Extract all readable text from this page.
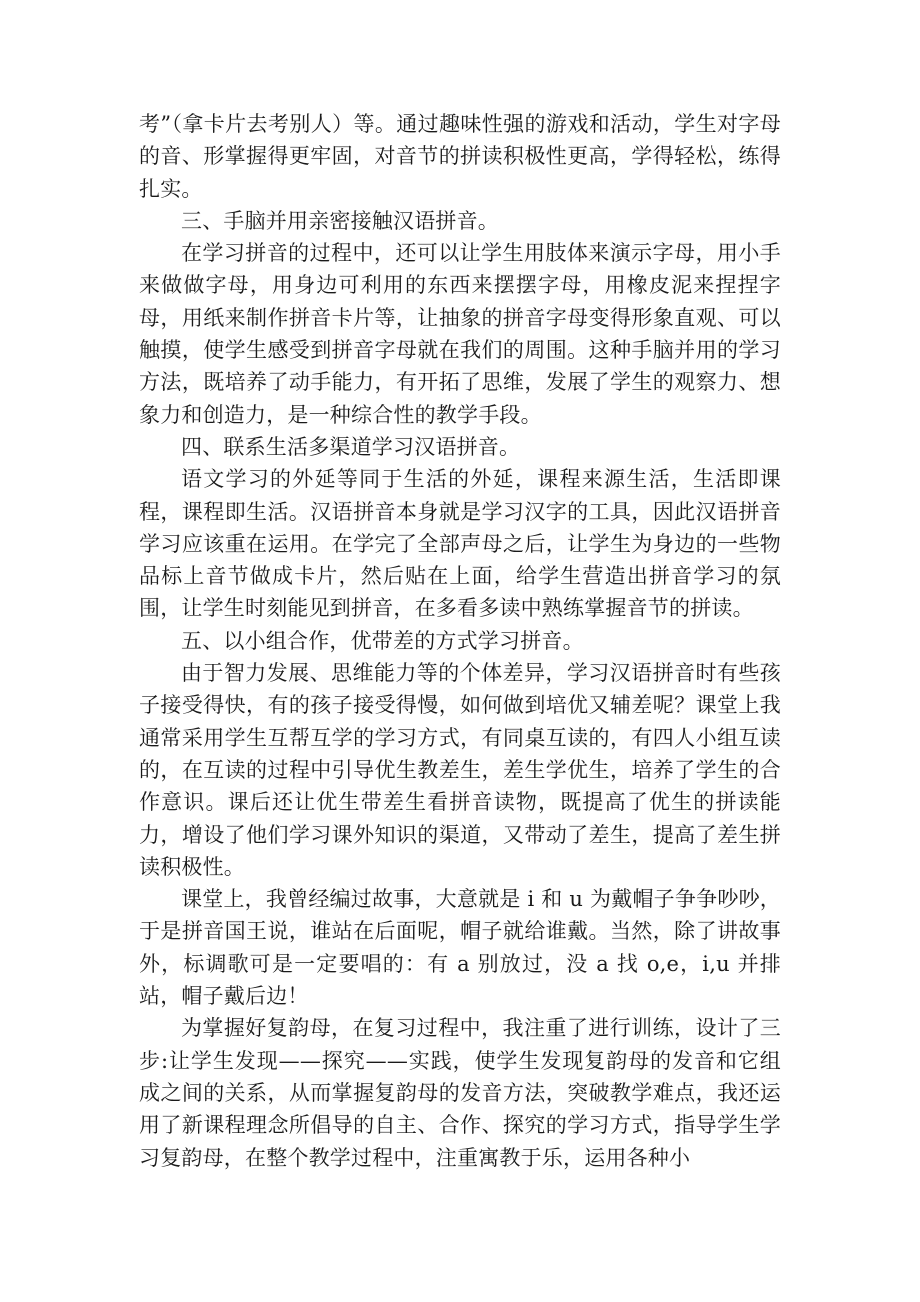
考”（拿卡片去考别人）等。通过趣味性强的游戏和活动，学生对字母的音、形掌握得更牢固，对音节的拼读积极性更高，学得轻松，练得扎实。

三、手脑并用亲密接触汉语拼音。

在学习拼音的过程中，还可以让学生用肢体来演示字母，用小手来做做字母，用身边可利用的东西来摆摆字母，用橡皮泥来捏捏字母，用纸来制作拼音卡片等，让抽象的拼音字母变得形象直观、可以触摸，使学生感受到拼音字母就在我们的周围。这种手脑并用的学习方法，既培养了动手能力，有开拓了思维，发展了学生的观察力、想象力和创造力，是一种综合性的教学手段。

四、联系生活多渠道学习汉语拼音。

语文学习的外延等同于生活的外延，课程来源生活，生活即课程，课程即生活。汉语拼音本身就是学习汉字的工具，因此汉语拼音学习应该重在运用。在学完了全部声母之后，让学生为身边的一些物品标上音节做成卡片，然后贴在上面，给学生营造出拼音学习的氛围，让学生时刻能见到拼音，在多看多读中熟练掌握音节的拼读。

五、以小组合作，优带差的方式学习拼音。

由于智力发展、思维能力等的个体差异，学习汉语拼音时有些孩子接受得快，有的孩子接受得慢，如何做到培优又辅差呢？课堂上我通常采用学生互帮互学的学习方式，有同桌互读的，有四人小组互读的，在互读的过程中引导优生教差生，差生学优生，培养了学生的合作意识。课后还让优生带差生看拼音读物，既提高了优生的拼读能力，增设了他们学习课外知识的渠道，又带动了差生，提高了差生拼读积极性。

课堂上，我曾经编过故事，大意就是 i 和 u 为戴帽子争争吵吵，于是拼音国王说，谁站在后面呢，帽子就给谁戴。当然，除了讲故事外，标调歌可是一定要唱的：有 a 别放过，没 a 找 o,e，i,u 并排站，帽子戴后边！

为掌握好复韵母，在复习过程中，我注重了进行训练，设计了三步:让学生发现——探究——实践，使学生发现复韵母的发音和它组成之间的关系，从而掌握复韵母的发音方法，突破教学难点，我还运用了新课程理念所倡导的自主、合作、探究的学习方式，指导学生学习复韵母，在整个教学过程中，注重寓教于乐，运用各种小
